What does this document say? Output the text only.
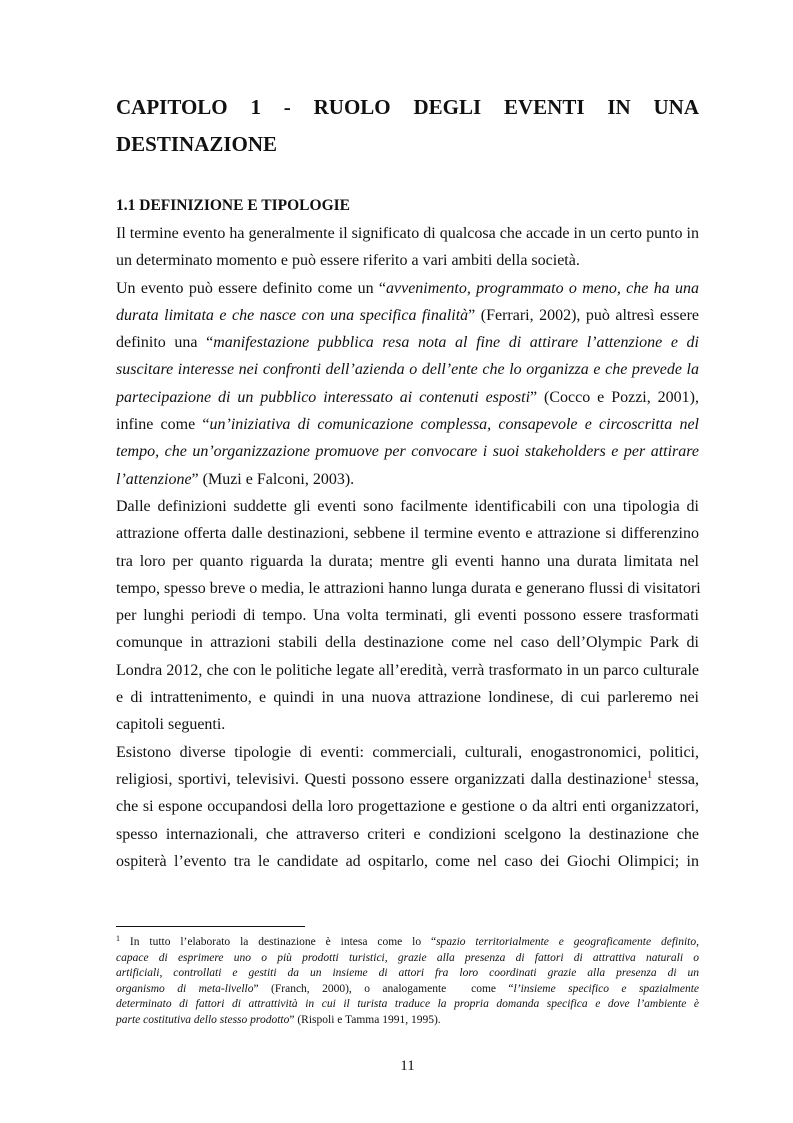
CAPITOLO 1 - RUOLO DEGLI EVENTI IN UNA DESTINAZIONE
1.1 DEFINIZIONE E TIPOLOGIE
Il termine evento ha generalmente il significato di qualcosa che accade in un certo punto in
un determinato momento e può essere riferito a vari ambiti della società.
Un evento può essere definito come un “avvenimento, programmato o meno, che ha una
durata limitata e che nasce con una specifica finalità” (Ferrari, 2002), può altresì essere
definito una “manifestazione pubblica resa nota al fine di attirare l’attenzione e di
suscitare interesse nei confronti dell’azienda o dell’ente che lo organizza e che prevede la
partecipazione di un pubblico interessato ai contenuti esposti” (Cocco e Pozzi, 2001),
infine come “un’iniziativa di comunicazione complessa, consapevole e circoscritta nel
tempo, che un’organizzazione promuove per convocare i suoi stakeholders e per attirare
l’attenzione” (Muzi e Falconi, 2003).
Dalle definizioni suddette gli eventi sono facilmente identificabili con una tipologia di
attrazione offerta dalle destinazioni, sebbene il termine evento e attrazione si differenzino
tra loro per quanto riguarda la durata; mentre gli eventi hanno una durata limitata nel
tempo, spesso breve o media, le attrazioni hanno lunga durata e generano flussi di visitatori
per lunghi periodi di tempo. Una volta terminati, gli eventi possono essere trasformati
comunque in attrazioni stabili della destinazione come nel caso dell’Olympic Park di
Londra 2012, che con le politiche legate all’eredità, verrà trasformato in un parco culturale
e di intrattenimento, e quindi in una nuova attrazione londinese, di cui parleremo nei
capitoli seguenti.
Esistono diverse tipologie di eventi: commerciali, culturali, enogastronomici, politici,
religiosi, sportivi, televisivi. Questi possono essere organizzati dalla destinazione$^1$ stessa,
che si espone occupandosi della loro progettazione e gestione o da altri enti organizzatori,
spesso internazionali, che attraverso criteri e condizioni scelgono la destinazione che
ospiterà l’evento tra le candidate ad ospitarlo, come nel caso dei Giochi Olimpici; in
$^1$ In tutto l’elaborato la destinazione è intesa come lo “spazio territorialmente e geograficamente definito,
capace di esprimere uno o più prodotti turistici, grazie alla presenza di fattori di attrattiva naturali o
artificiali, controllati e gestiti da un insieme di attori fra loro coordinati grazie alla presenza di un
organismo di meta-livello” (Franch, 2000), o analogamente  come “l’insieme specifico e spazialmente
determinato di fattori di attrattività in cui il turista traduce la propria domanda specifica e dove l’ambiente è
parte costitutiva dello stesso prodotto” (Rispoli e Tamma 1991, 1995).
11
